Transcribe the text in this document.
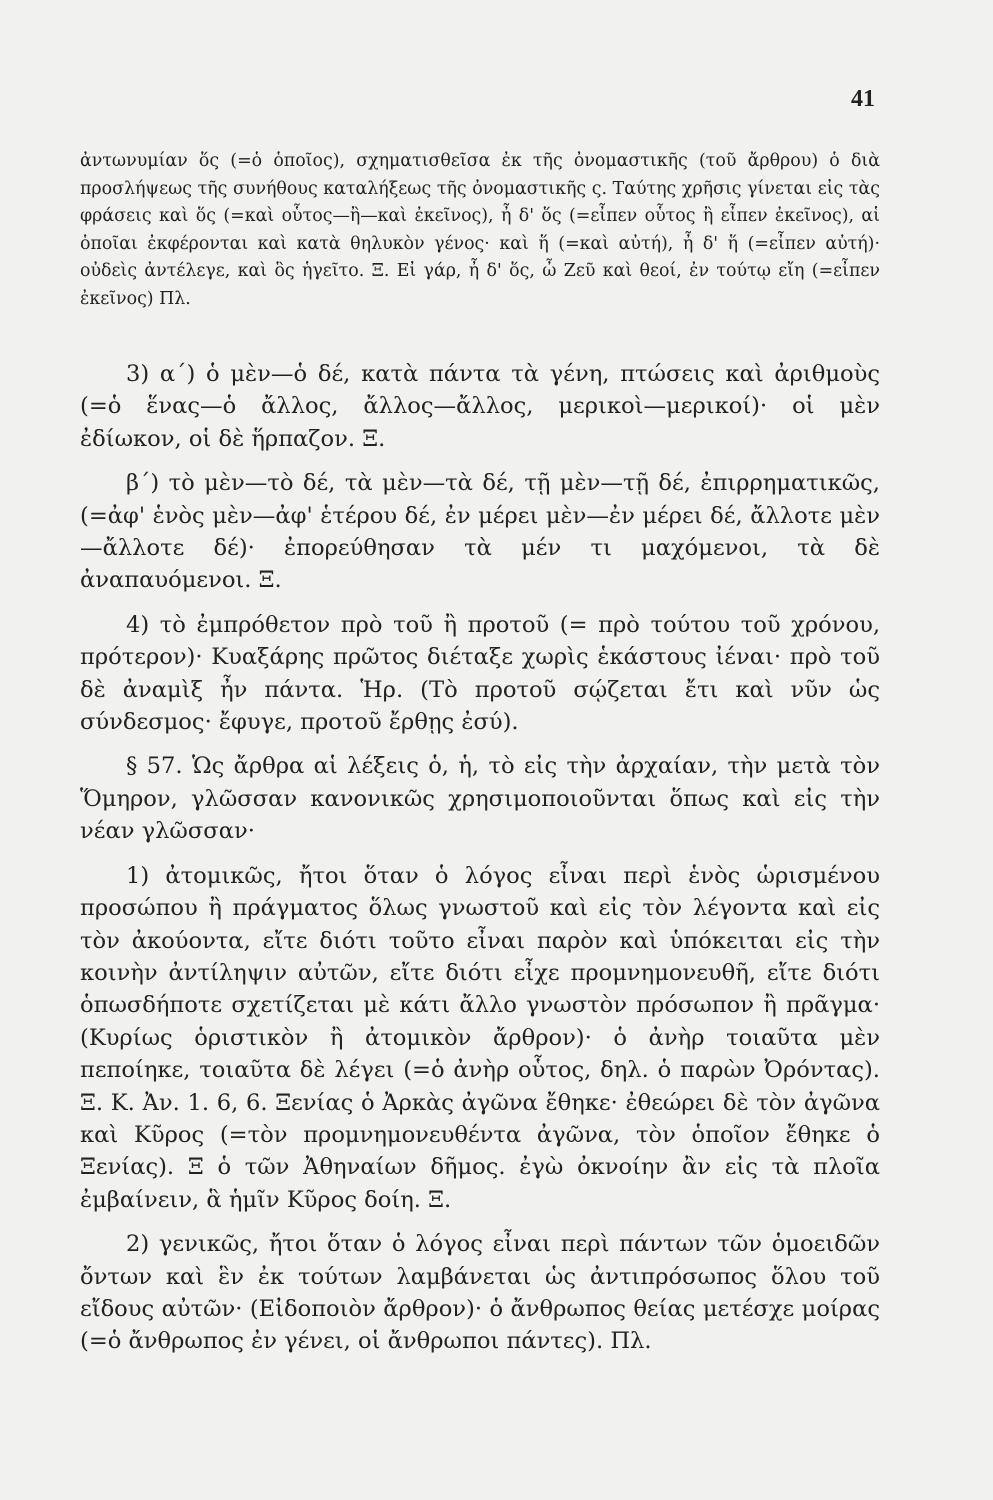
41

ἀντωνυμίαν ὅς (=ὁ ὁποῖος), σχηματισθεῖσα ἐκ τῆς ὀνομαστικῆς (τοῦ ἄρθρου) ὁ διὰ προσλήψεως τῆς συνήθους καταλήξεως τῆς ὀνομαστικῆς ς. Ταύτης χρῆσις γίνεται εἰς τὰς φράσεις καὶ ὅς (=καὶ οὗτος—ἢ—καὶ ἐκεῖνος), ἦ δ' ὅς (=εἶπεν οὗτος ἢ εἶπεν ἐκεῖνος), αἱ ὁποῖαι ἐκφέρονται καὶ κατὰ θηλυκὸν γένος· καὶ ἥ (=καὶ αὐτή), ἦ δ' ἥ (=εἶπεν αὐτή)· οὐδεὶς ἀντέλεγε, καὶ ὃς ἡγεῖτο. Ξ. Εἰ γάρ, ἦ δ' ὅς, ὦ Ζεῦ καὶ θεοί, ἐν τούτῳ εἴη (=εἶπεν ἐκεῖνος) Πλ.

3) α΄) ὁ μὲν—ὁ δέ, κατὰ πάντα τὰ γένη, πτώσεις καὶ ἀριθμοὺς (=ὁ ἕνας—ὁ ἄλλος, ἄλλος—ἄλλος, μερικοὶ—μερικοί)· οἱ μὲν ἐδίωκον, οἱ δὲ ἥρπαζον. Ξ.

β΄) τὸ μὲν—τὸ δέ, τὰ μὲν—τὰ δέ, τῇ μὲν—τῇ δέ, ἐπιρρηματικῶς, (=ἀφ' ἑνὸς μὲν—ἀφ' ἑτέρου δέ, ἐν μέρει μὲν—ἐν μέρει δέ, ἄλλοτε μὲν—ἄλλοτε δέ)· ἐπορεύθησαν τὰ μέν τι μαχόμενοι, τὰ δὲ ἀναπαυόμενοι. Ξ.

4) τὸ ἐμπρόθετον πρὸ τοῦ ἢ προτοῦ (= πρὸ τούτου τοῦ χρόνου, πρότερον)· Κυαξάρης πρῶτος διέταξε χωρὶς ἑκάστους ἰέναι· πρὸ τοῦ δὲ ἀναμὶξ ἦν πάντα. Ἡρ. (Τὸ προτοῦ σῴζεται ἔτι καὶ νῦν ὡς σύνδεσμος· ἔφυγε, προτοῦ ἔρθῃς ἐσύ).

§ 57. Ὡς ἄρθρα αἱ λέξεις ὁ, ἡ, τὸ εἰς τὴν ἀρχαίαν, τὴν μετὰ τὸν Ὅμηρον, γλῶσσαν κανονικῶς χρησιμοποιοῦνται ὅπως καὶ εἰς τὴν νέαν γλῶσσαν·

1) ἀτομικῶς, ἤτοι ὅταν ὁ λόγος εἶναι περὶ ἑνὸς ὡρισμένου προσώπου ἢ πράγματος ὅλως γνωστοῦ καὶ εἰς τὸν λέγοντα καὶ εἰς τὸν ἀκούοντα, εἴτε διότι τοῦτο εἶναι παρὸν καὶ ὑπόκειται εἰς τὴν κοινὴν ἀντίληψιν αὐτῶν, εἴτε διότι εἶχε προμνημονευθῆ, εἴτε διότι ὁπωσδήποτε σχετίζεται μὲ κάτι ἄλλο γνωστὸν πρόσωπον ἢ πρᾶγμα· (Κυρίως ὁριστικὸν ἢ ἀτομικὸν ἄρθρον)· ὁ ἀνὴρ τοιαῦτα μὲν πεποίηκε, τοιαῦτα δὲ λέγει (=ὁ ἀνὴρ οὗτος, δηλ. ὁ παρὼν Ὀρόντας). Ξ. Κ. Ἀν. 1. 6, 6. Ξενίας ὁ Ἀρκὰς ἀγῶνα ἔθηκε· ἐθεώρει δὲ τὸν ἀγῶνα καὶ Κῦρος (=τὸν προμνημονευθέντα ἀγῶνα, τὸν ὁποῖον ἔθηκε ὁ Ξενίας). Ξ ὁ τῶν Ἀθηναίων δῆμος. ἐγὼ ὀκνοίην ἂν εἰς τὰ πλοῖα ἐμβαίνειν, ἃ ἡμῖν Κῦρος δοίη. Ξ.

2) γενικῶς, ἤτοι ὅταν ὁ λόγος εἶναι περὶ πάντων τῶν ὁμοειδῶν ὄντων καὶ ἓν ἐκ τούτων λαμβάνεται ὡς ἀντιπρόσωπος ὅλου τοῦ εἴδους αὐτῶν· (Εἰδοποιὸν ἄρθρον)· ὁ ἄνθρωπος θείας μετέσχε μοίρας (=ὁ ἄνθρωπος ἐν γένει, οἱ ἄνθρωποι πάντες). Πλ.
